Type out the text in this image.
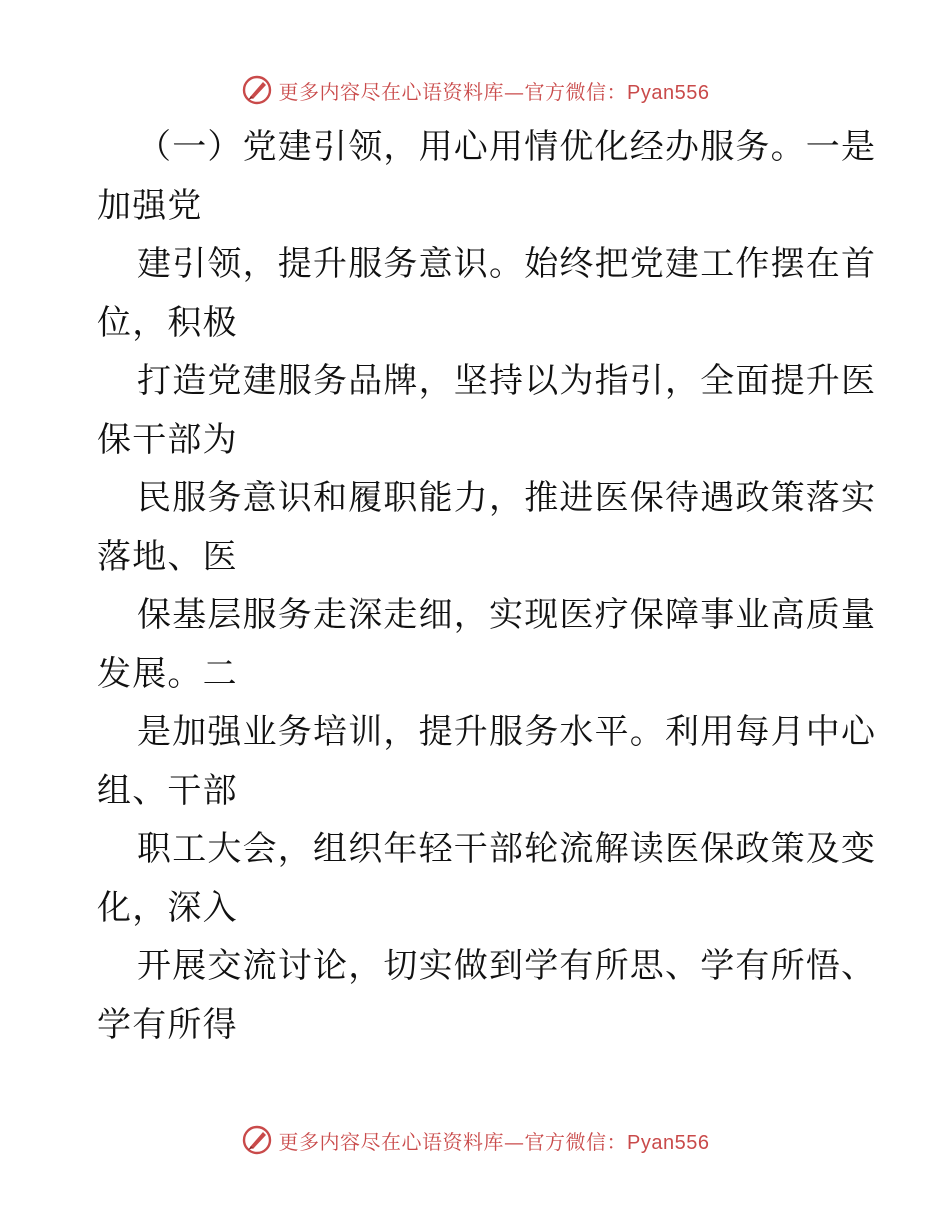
更多内容尽在心语资料库—官方微信：Pyan556
（一）党建引领，用心用情优化经办服务。一是
加强党
建引领，提升服务意识。始终把党建工作摆在首
位，积极
打造党建服务品牌，坚持以为指引，全面提升医
保干部为
民服务意识和履职能力，推进医保待遇政策落实
落地、医
保基层服务走深走细，实现医疗保障事业高质量
发展。二
是加强业务培训，提升服务水平。利用每月中心
组、干部
职工大会，组织年轻干部轮流解读医保政策及变
化，深入
开展交流讨论，切实做到学有所思、学有所悟、
学有所得
更多内容尽在心语资料库—官方微信：Pyan556
